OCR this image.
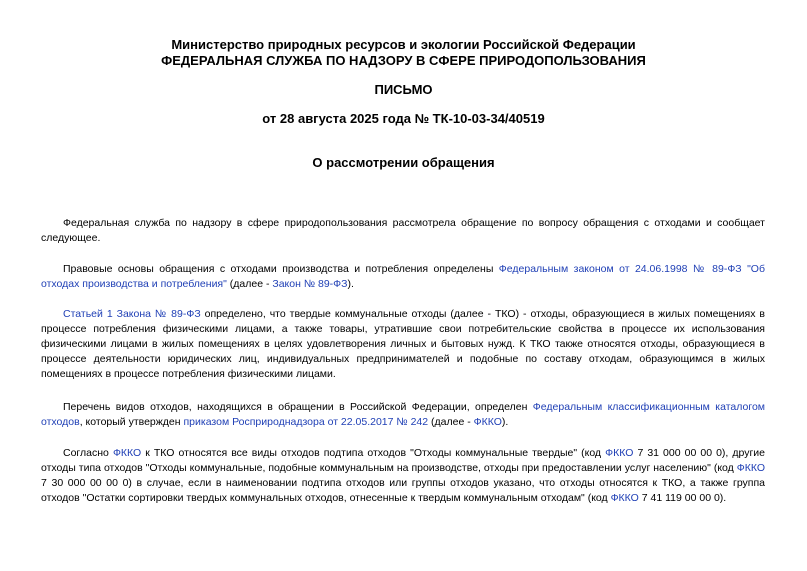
Министерство природных ресурсов и экологии Российской Федерации
ФЕДЕРАЛЬНАЯ СЛУЖБА ПО НАДЗОРУ В СФЕРЕ ПРИРОДОПОЛЬЗОВАНИЯ
ПИСЬМО
от 28 августа 2025 года № ТК-10-03-34/40519
О рассмотрении обращения

Федеральная служба по надзору в сфере природопользования рассмотрела обращение по вопросу обращения с отходами и сообщает следующее.

Правовые основы обращения с отходами производства и потребления определены Федеральным законом от 24.06.1998 № 89-ФЗ "Об отходах производства и потребления" (далее - Закон № 89-ФЗ).

Статьей 1 Закона № 89-ФЗ определено, что твердые коммунальные отходы (далее - ТКО) - отходы, образующиеся в жилых помещениях в процессе потребления физическими лицами, а также товары, утратившие свои потребительские свойства в процессе их использования физическими лицами в жилых помещениях в целях удовлетворения личных и бытовых нужд. К ТКО также относятся отходы, образующиеся в процессе деятельности юридических лиц, индивидуальных предпринимателей и подобные по составу отходам, образующимся в жилых помещениях в процессе потребления физическими лицами.

Перечень видов отходов, находящихся в обращении в Российской Федерации, определен Федеральным классификационным каталогом отходов, который утвержден приказом Росприроднадзора от 22.05.2017 № 242 (далее - ФККО).

Согласно ФККО к ТКО относятся все виды отходов подтипа отходов "Отходы коммунальные твердые" (код ФККО 7 31 000 00 00 0), другие отходы типа отходов "Отходы коммунальные, подобные коммунальным на производстве, отходы при предоставлении услуг населению" (код ФККО 7 30 000 00 00 0) в случае, если в наименовании подтипа отходов или группы отходов указано, что отходы относятся к ТКО, а также группа отходов "Остатки сортировки твердых коммунальных отходов, отнесенные к твердым коммунальным отходам" (код ФККО 7 41 119 00 00 0).
